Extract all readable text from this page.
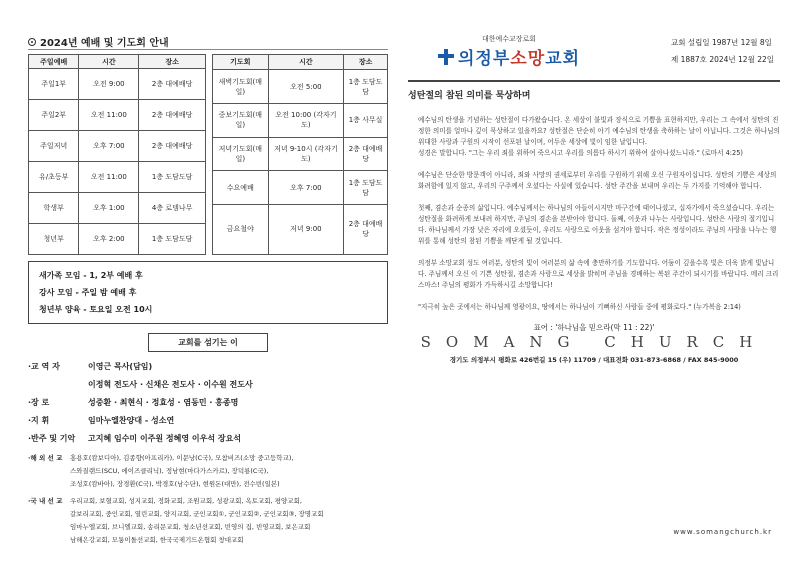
2024년 예배 및 기도회 안내
주일예배	시간	장소
주일1부	오전 9:00	2층 대예배당
주일2부	오전 11:00	2층 대예배당
주일저녁	오후 7:00	2층 대예배당
유/초등부	오전 11:00	1층 도담도담
학생부	오후 1:00	4층 로뎀나무
청년부	오후 2:00	1층 도담도담
기도회	시간	장소
새벽기도회(매일)	오전 5:00	1층 도담도담
중보기도회(매일)	오전 10:00 (각자기도)	1층 사무실
저녁기도회(매일)	저녁 9-10시 (각자기도)	2층 대예배당
수요예배	오후 7:00	1층 도담도담
금요철야	저녁 9:00	2층 대예배당
새가족 모임 - 1, 2부 예배 후
강사 모임 - 주일 밤 예배 후
청년부 양육 - 토요일 오전 10시
교회를 섬기는 이
·교 역 자	이영근 목사(담임)
이정혁 전도사 · 신채은 전도사 · 이수원 전도사
·장 로	성중환 · 최현식 · 정효성 · 염동민 · 홍종명
·지 휘	임마누엘찬양대 - 성소연
·반주 및 기악	고지혜 임수미 이주원 정혜영 이우석 장요석
·해 외 선 교	홍용호(캄보디아), 김종향(아프리카), 이문낭(C국), 모참비즈(소망 중고등학교),
스와질랜드(SCU, 에이즈클리닉), 정남현(마다가스카르), 장덕룡(C국),
조성호(캄바아), 장경환(C국), 박경호(남수단), 현원돈(대만), 전수빈(일본)
·국 내 선 교	우리교회, 보혈교회, 성지교회, 정화교회, 조원교회, 성광교회, 옥토교회, 평양교회,
갈보리교회, 중인교회, 열린교회, 양지교회, 군인교회①, 군인교회②, 군인교회③, 장명교회
임마누엘교회, 브니엘교회, 송리문교회, 청소년선교회, 빈영의 집, 빈영교회, 보은교회
남해은강교회, 모퉁이돌선교회, 한국국제기드온협회 창대교회
대한예수교장로회
의정부소망교회
교회 설립일 1987년 12월 8일
제 1887호 2024년 12월 22일
성탄절의 참된 의미를 묵상하며

예수님의 탄생을 기념하는 성탄절이 다가왔습니다. 온 세상이 불빛과 장식으로 기쁨을 표현하지만, 우리는 그 속에서 성탄의 진정한 의미를 얼마나 깊이 묵상하고 있을까요? 성탄절은 단순히 아기 예수님의 탄생을 축하하는 날이 아닙니다. 그것은 하나님의 위대한 사랑과 구원의 시작이 선포된 날이며, 어두운 세상에 빛이 임한 날입니다.

성경은 말합니다. "그는 우리 죄를 위하여 죽으시고 우리를 의롭다 하시기 위하여 살아나셨느니라." (로마서 4:25)

예수님은 단순한 방문객이 아니라, 죄와 사망의 권세로부터 우리를 구원하기 위해 오신 구원자이십니다. 성탄의 기쁨은 세상의 화려함에 있지 않고, 우리의 구주께서 오셨다는 사실에 있습니다. 성탄 주간을 보내며 우리는 두 가지를 기억해야 합니다.

첫째, 겸손과 순종의 삶입니다. 예수님께서는 하나님의 아들이시지만 마구간에 태어나셨고, 십자가에서 죽으셨습니다. 우리는 성탄절을 화려하게 보내려 하지만, 주님의 겸손을 본받아야 합니다. 둘째, 이웃과 나누는 사랑입니다. 성탄은 사랑의 절기입니다. 하나님께서 가장 낮은 자리에 오셨듯이, 우리도 사랑으로 이웃을 섬겨야 합니다. 작은 정성이라도 주님의 사랑을 나누는 행위를 통해 성탄의 참된 기쁨을 깨닫게 될 것입니다.

의정부 소망교회 성도 여러분, 성탄의 빛이 여러분의 삶 속에 충만하기를 기도합니다. 어둠이 깊을수록 빛은 더욱 밝게 빛납니다. 주님께서 오신 이 기쁜 성탄절, 겸손과 사랑으로 세상을 밝히며 주님을 경배하는 복된 주간이 되시기를 바랍니다. 메리 크리스마스! 주님의 평화가 가득하시길 소망합니다!

"지극히 높은 곳에서는 하나님께 영광이요, 땅에서는 하나님이 기뻐하신 사람들 중에 평화로다." (누가복음 2:14)

표어 : '하나님을 믿으라(막 11 : 22)'
SOMANG CHURCH
경기도 의정부시 평화로 426번길 15 (우) 11709 / 대표전화 031-873-6868 / FAX 845-9000
www.somangchurch.kr
